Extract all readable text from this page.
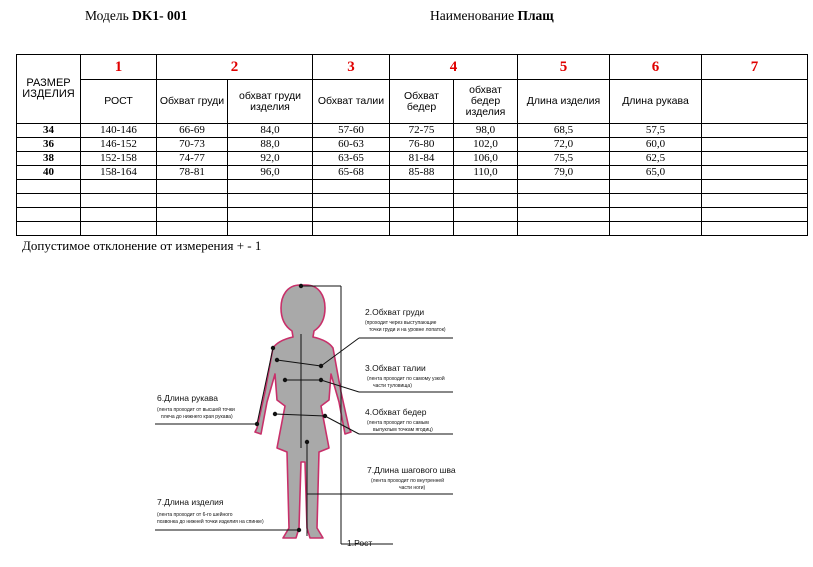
Модель DK1- 001	Наименование Плащ
РАЗМЕР ИЗДЕЛИЯ	1	2		3	4		5	6	7
	РОСТ	Обхват груди	обхват груди изделия	Обхват талии	Обхват бедер	обхват бедер изделия	Длина изделия	Длина рукава	
34	140-146	66-69	84,0	57-60	72-75	98,0	68,5	57,5	
36	146-152	70-73	88,0	60-63	76-80	102,0	72,0	60,0	
38	152-158	74-77	92,0	63-65	81-84	106,0	75,5	62,5	
40	158-164	78-81	96,0	65-68	85-88	110,0	79,0	65,0	

Допустимое отклонение от измерения + - 1
2.Обхват груди
(проходит через выступающие
точки груди и на уровне лопаток)
3.Обхват талии
(лента проходит по самому узкой
части туловища)
4.Обхват бедер
(лента проходит по самым
выпуклым точкам ягодиц)
6.Длина рукава
(лента проходит от высшей точки
плеча до нижнего края рукава)
7.Длина шагового шва
(лента проходит по внутренней
части ноги)
7.Длина изделия
(лента проходит от 6-го шейного
позвонка до нижней точки изделия на спинке)
1.Рост
